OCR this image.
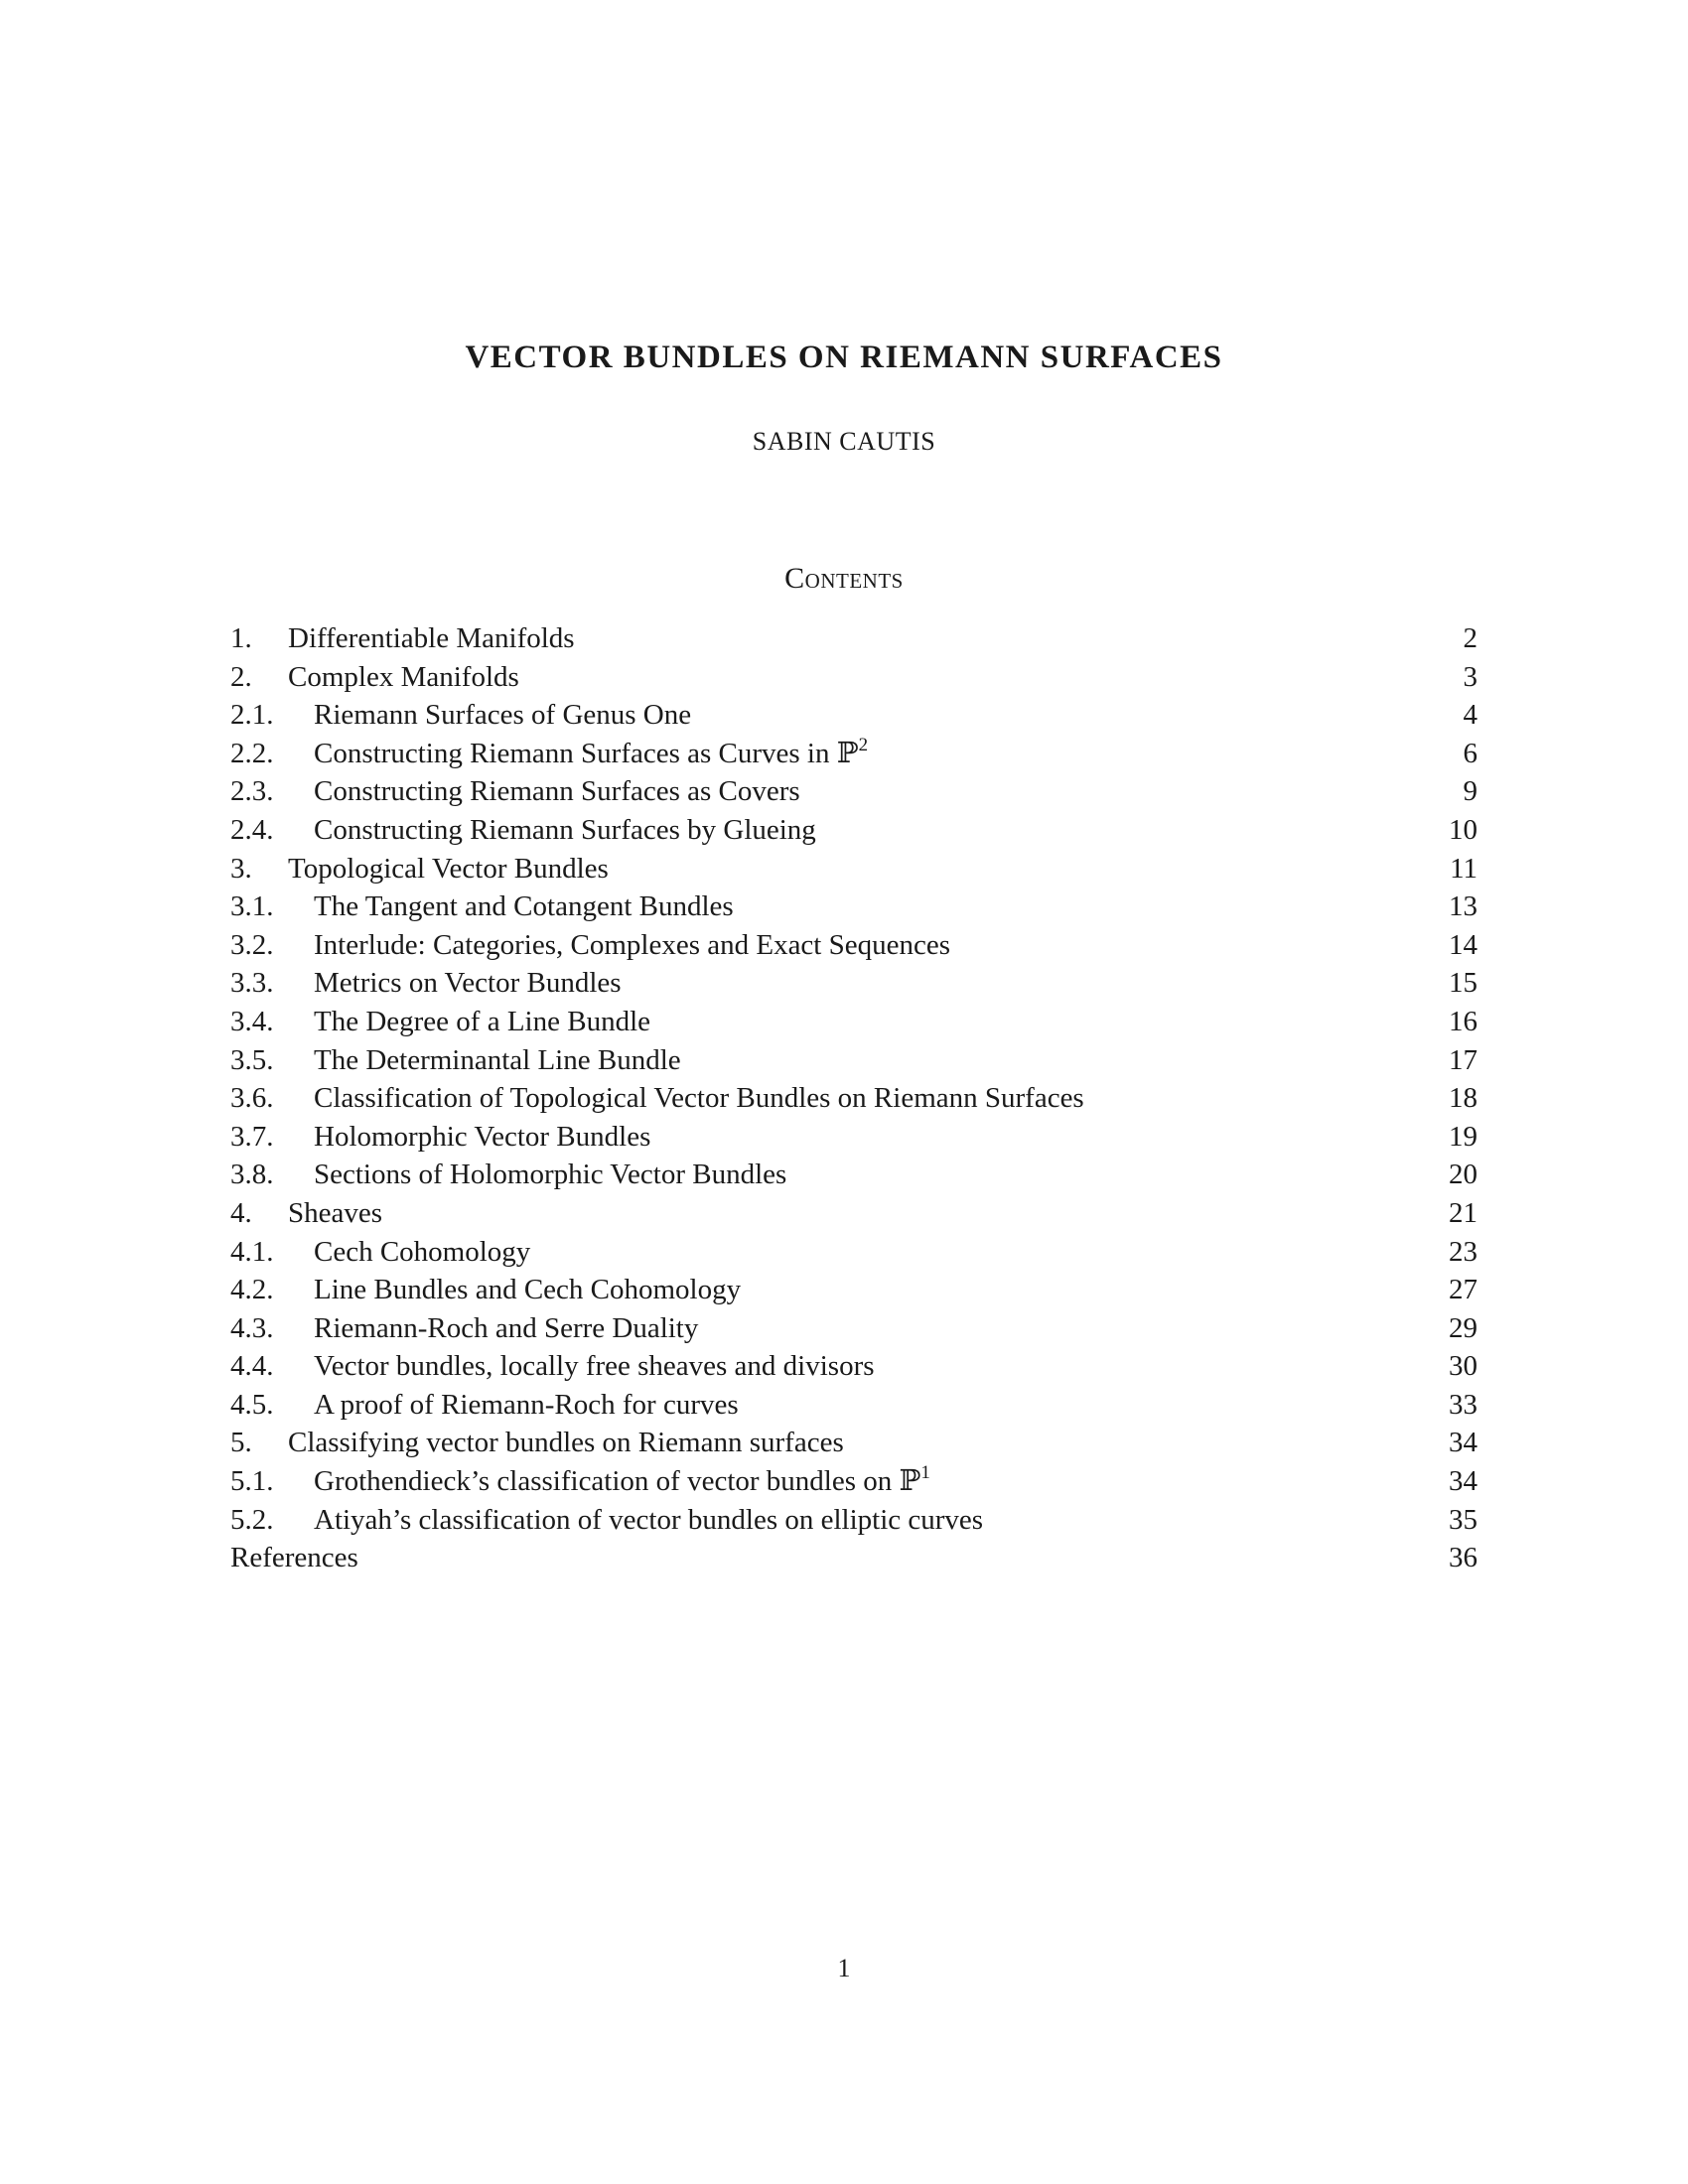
VECTOR BUNDLES ON RIEMANN SURFACES
SABIN CAUTIS
Contents
1. Differentiable Manifolds	2
2. Complex Manifolds	3
2.1. Riemann Surfaces of Genus One	4
2.2. Constructing Riemann Surfaces as Curves in ℙ$^2$	6
2.3. Constructing Riemann Surfaces as Covers	9
2.4. Constructing Riemann Surfaces by Glueing	10
3. Topological Vector Bundles	11
3.1. The Tangent and Cotangent Bundles	13
3.2. Interlude: Categories, Complexes and Exact Sequences	14
3.3. Metrics on Vector Bundles	15
3.4. The Degree of a Line Bundle	16
3.5. The Determinantal Line Bundle	17
3.6. Classification of Topological Vector Bundles on Riemann Surfaces	18
3.7. Holomorphic Vector Bundles	19
3.8. Sections of Holomorphic Vector Bundles	20
4. Sheaves	21
4.1. Cech Cohomology	23
4.2. Line Bundles and Cech Cohomology	27
4.3. Riemann-Roch and Serre Duality	29
4.4. Vector bundles, locally free sheaves and divisors	30
4.5. A proof of Riemann-Roch for curves	33
5. Classifying vector bundles on Riemann surfaces	34
5.1. Grothendieck’s classification of vector bundles on ℙ$^1$	34
5.2. Atiyah’s classification of vector bundles on elliptic curves	35
References	36
1
